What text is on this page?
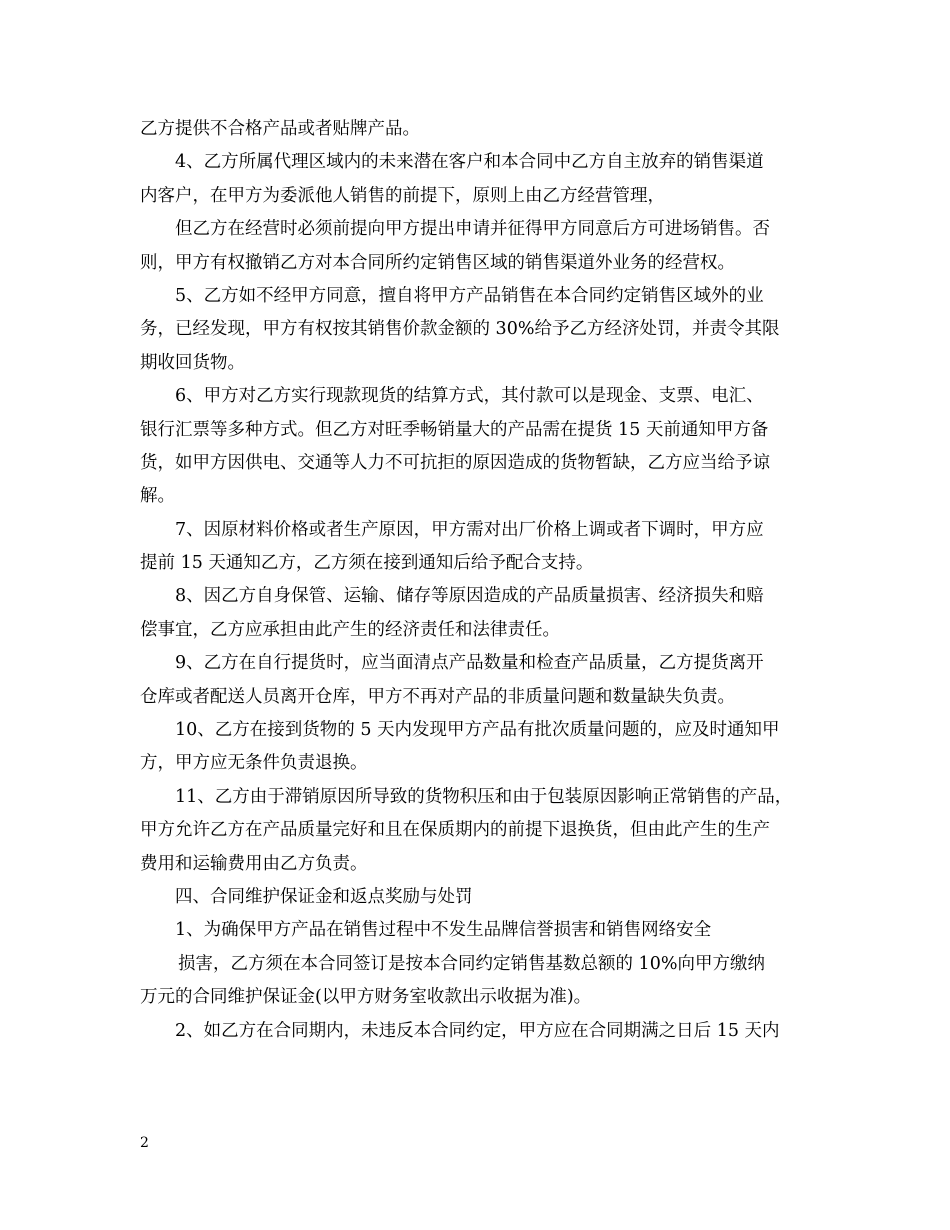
乙方提供不合格产品或者贴牌产品。
4、乙方所属代理区域内的未来潜在客户和本合同中乙方自主放弃的销售渠道
内客户，在甲方为委派他人销售的前提下，原则上由乙方经营管理，
但乙方在经营时必须前提向甲方提出申请并征得甲方同意后方可进场销售。否
则，甲方有权撤销乙方对本合同所约定销售区域的销售渠道外业务的经营权。
5、乙方如不经甲方同意，擅自将甲方产品销售在本合同约定销售区域外的业
务，已经发现，甲方有权按其销售价款金额的 30%给予乙方经济处罚，并责令其限
期收回货物。
6、甲方对乙方实行现款现货的结算方式，其付款可以是现金、支票、电汇、
银行汇票等多种方式。但乙方对旺季畅销量大的产品需在提货 15 天前通知甲方备
货，如甲方因供电、交通等人力不可抗拒的原因造成的货物暂缺，乙方应当给予谅
解。
7、因原材料价格或者生产原因，甲方需对出厂价格上调或者下调时，甲方应
提前 15 天通知乙方，乙方须在接到通知后给予配合支持。
8、因乙方自身保管、运输、储存等原因造成的产品质量损害、经济损失和赔
偿事宜，乙方应承担由此产生的经济责任和法律责任。
9、乙方在自行提货时，应当面清点产品数量和检查产品质量，乙方提货离开
仓库或者配送人员离开仓库，甲方不再对产品的非质量问题和数量缺失负责。
10、乙方在接到货物的 5 天内发现甲方产品有批次质量问题的，应及时通知甲
方，甲方应无条件负责退换。
11、乙方由于滞销原因所导致的货物积压和由于包装原因影响正常销售的产品，
甲方允许乙方在产品质量完好和且在保质期内的前提下退换货，但由此产生的生产
费用和运输费用由乙方负责。
四、合同维护保证金和返点奖励与处罚
1、为确保甲方产品在销售过程中不发生品牌信誉损害和销售网络安全
损害，乙方须在本合同签订是按本合同约定销售基数总额的 10%向甲方缴纳
万元的合同维护保证金(以甲方财务室收款出示收据为准)。
2、如乙方在合同期内，未违反本合同约定，甲方应在合同期满之日后 15 天内
2
